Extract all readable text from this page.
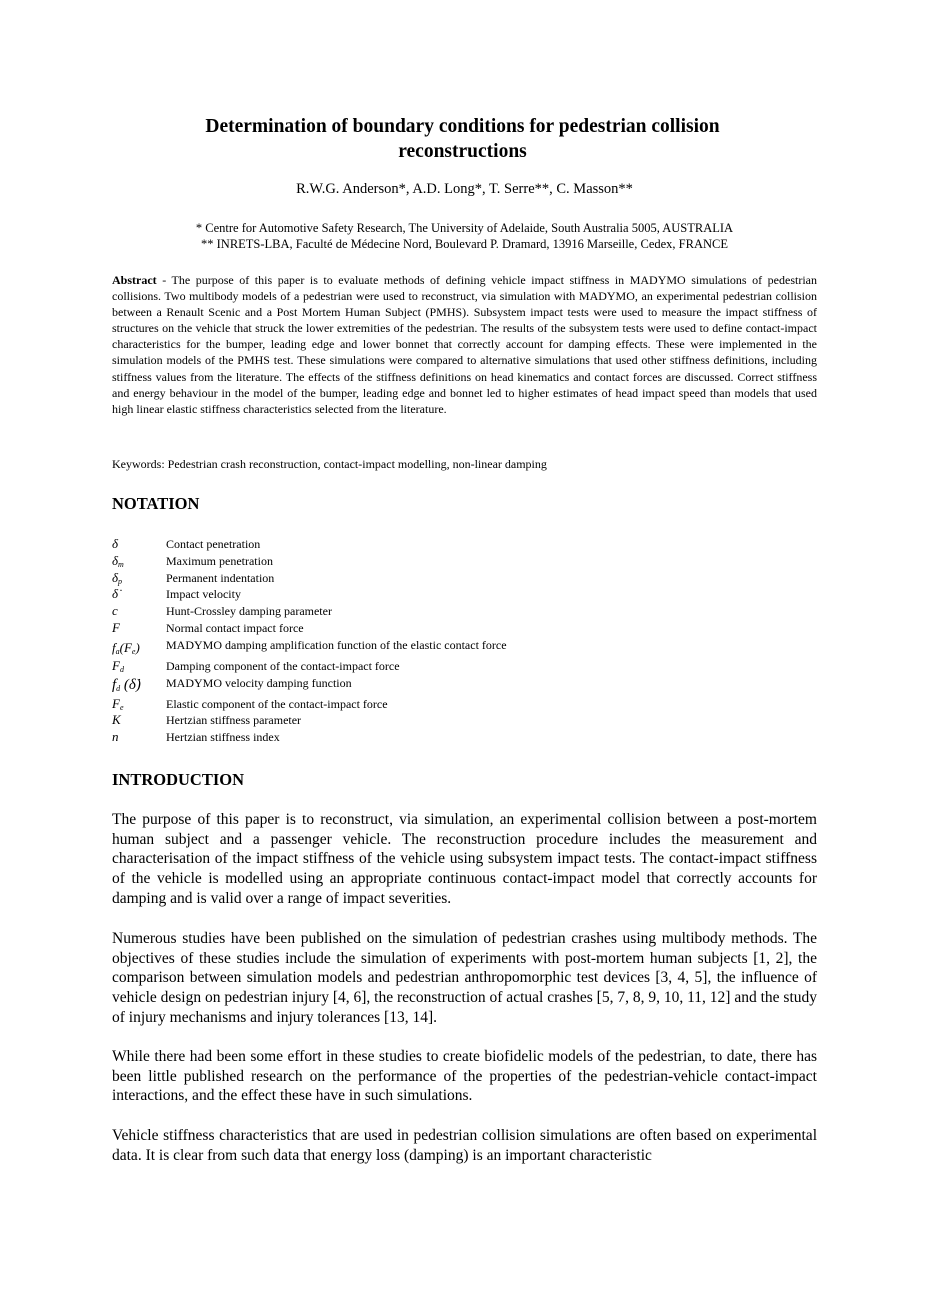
Determination of boundary conditions for pedestrian collision
reconstructions
R.W.G. Anderson*, A.D. Long*, T. Serre**, C. Masson**
* Centre for Automotive Safety Research, The University of Adelaide, South Australia 5005, AUSTRALIA
** INRETS-LBA, Faculté de Médecine Nord, Boulevard P. Dramard, 13916 Marseille, Cedex, FRANCE

Abstract - The purpose of this paper is to evaluate methods of defining vehicle impact stiffness in MADYMO simulations of pedestrian collisions. Two multibody models of a pedestrian were used to reconstruct, via simulation with MADYMO, an experimental pedestrian collision between a Renault Scenic and a Post Mortem Human Subject (PMHS). Subsystem impact tests were used to measure the impact stiffness of structures on the vehicle that struck the lower extremities of the pedestrian. The results of the subsystem tests were used to define contact-impact characteristics for the bumper, leading edge and lower bonnet that correctly account for damping effects. These were implemented in the simulation models of the PMHS test. These simulations were compared to alternative simulations that used other stiffness definitions, including stiffness values from the literature. The effects of the stiffness definitions on head kinematics and contact forces are discussed. Correct stiffness and energy behaviour in the model of the bumper, leading edge and bonnet led to higher estimates of head impact speed than models that used high linear elastic stiffness characteristics selected from the literature.

Keywords: Pedestrian crash reconstruction, contact-impact modelling, non-linear damping

NOTATION
δ	Contact penetration
$\delta_m$	Maximum penetration
$\delta_p$	Permanent indentation
δ̇	Impact velocity
c	Hunt-Crossley damping parameter
F	Normal contact impact force
$f_a(F_e)$	MADYMO damping amplification function of the elastic contact force
$F_d$	Damping component of the contact-impact force
$f_d$ (δ̇)	MADYMO velocity damping function
$F_e$	Elastic component of the contact-impact force
K	Hertzian stiffness parameter
n	Hertzian stiffness index
INTRODUCTION

The purpose of this paper is to reconstruct, via simulation, an experimental collision between a post-mortem human subject and a passenger vehicle. The reconstruction procedure includes the measurement and characterisation of the impact stiffness of the vehicle using subsystem impact tests. The contact-impact stiffness of the vehicle is modelled using an appropriate continuous contact-impact model that correctly accounts for damping and is valid over a range of impact severities.

Numerous studies have been published on the simulation of pedestrian crashes using multibody methods. The objectives of these studies include the simulation of experiments with post-mortem human subjects [1, 2], the comparison between simulation models and pedestrian anthropomorphic test devices [3, 4, 5], the influence of vehicle design on pedestrian injury [4, 6], the reconstruction of actual crashes [5, 7, 8, 9, 10, 11, 12] and the study of injury mechanisms and injury tolerances [13, 14].

While there had been some effort in these studies to create biofidelic models of the pedestrian, to date, there has been little published research on the performance of the properties of the pedestrian-vehicle contact-impact interactions, and the effect these have in such simulations.

Vehicle stiffness characteristics that are used in pedestrian collision simulations are often based on experimental data. It is clear from such data that energy loss (damping) is an important characteristic
